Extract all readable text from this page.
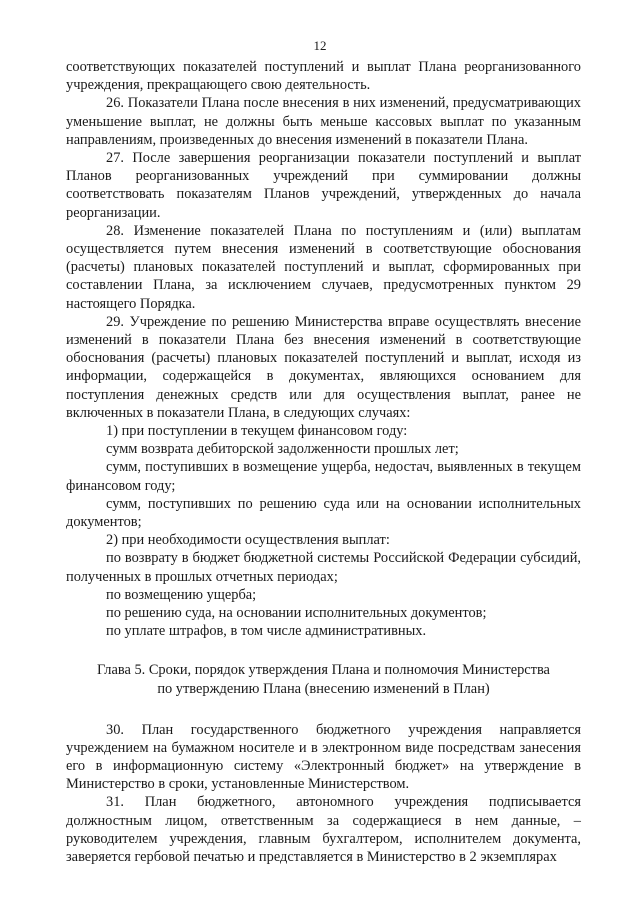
12

соответствующих показателей поступлений и выплат Плана реорганизованного учреждения, прекращающего свою деятельность.

26. Показатели Плана после внесения в них изменений, предусматривающих уменьшение выплат, не должны быть меньше кассовых выплат по указанным направлениям, произведенных до внесения изменений в показатели Плана.

27. После завершения реорганизации показатели поступлений и выплат Планов реорганизованных учреждений при суммировании должны соответствовать показателям Планов учреждений, утвержденных до начала реорганизации.

28. Изменение показателей Плана по поступлениям и (или) выплатам осуществляется путем внесения изменений в соответствующие обоснования (расчеты) плановых показателей поступлений и выплат, сформированных при составлении Плана, за исключением случаев, предусмотренных пунктом 29 настоящего Порядка.

29. Учреждение по решению Министерства вправе осуществлять внесение изменений в показатели Плана без внесения изменений в соответствующие обоснования (расчеты) плановых показателей поступлений и выплат, исходя из информации, содержащейся в документах, являющихся основанием для поступления денежных средств или для осуществления выплат, ранее не включенных в показатели Плана, в следующих случаях:

1) при поступлении в текущем финансовом году:

сумм возврата дебиторской задолженности прошлых лет;

сумм, поступивших в возмещение ущерба, недостач, выявленных в текущем финансовом году;

сумм, поступивших по решению суда или на основании исполнительных документов;

2) при необходимости осуществления выплат:

по возврату в бюджет бюджетной системы Российской Федерации субсидий, полученных в прошлых отчетных периодах;

по возмещению ущерба;

по решению суда, на основании исполнительных документов;

по уплате штрафов, в том числе административных.

Глава 5. Сроки, порядок утверждения Плана и полномочия Министерства
по утверждению Плана (внесению изменений в План)

30. План государственного бюджетного учреждения направляется учреждением на бумажном носителе и в электронном виде посредствам занесения его в информационную систему «Электронный бюджет» на утверждение в Министерство в сроки, установленные Министерством.

31. План бюджетного, автономного учреждения подписывается должностным лицом, ответственным за содержащиеся в нем данные, – руководителем учреждения, главным бухгалтером, исполнителем документа, заверяется гербовой печатью и представляется в Министерство в 2 экземплярах
